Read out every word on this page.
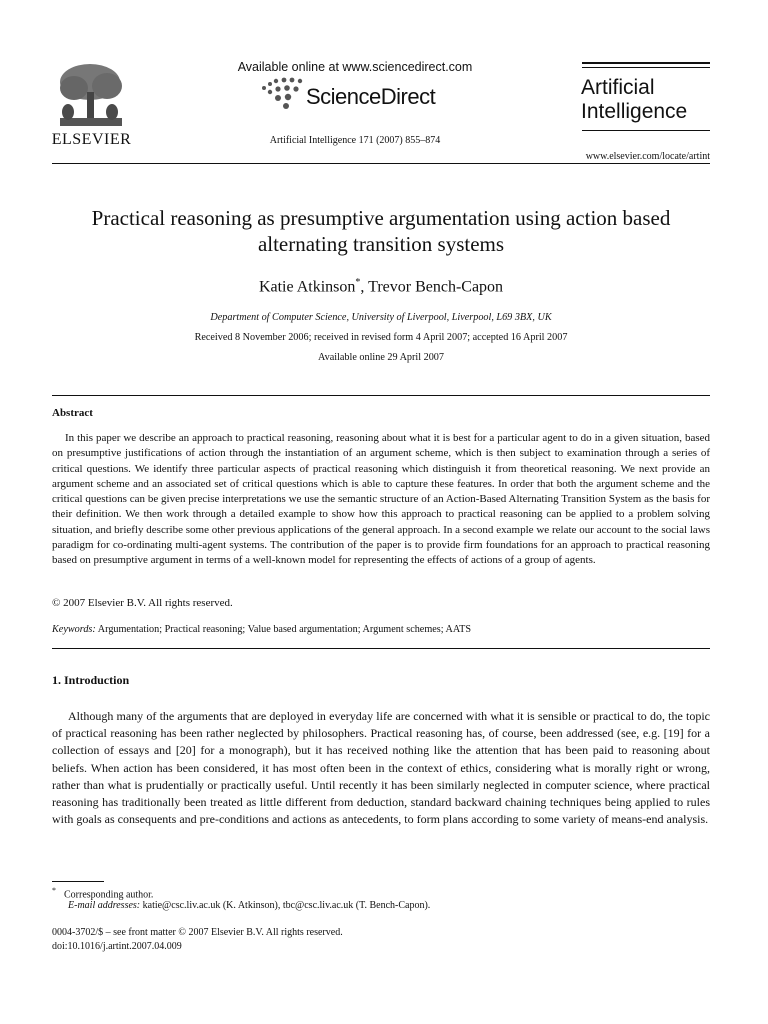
ELSEVIER
Available online at www.sciencedirect.com
ScienceDirect
Artificial Intelligence 171 (2007) 855–874
Artificial
Intelligence
www.elsevier.com/locate/artint
Practical reasoning as presumptive argumentation using action based
alternating transition systems
Katie Atkinson*, Trevor Bench-Capon
Department of Computer Science, University of Liverpool, Liverpool, L69 3BX, UK
Received 8 November 2006; received in revised form 4 April 2007; accepted 16 April 2007
Available online 29 April 2007
Abstract
In this paper we describe an approach to practical reasoning, reasoning about what it is best for a particular agent to do in a given situation, based on presumptive justifications of action through the instantiation of an argument scheme, which is then subject to examination through a series of critical questions. We identify three particular aspects of practical reasoning which distinguish it from theoretical reasoning. We next provide an argument scheme and an associated set of critical questions which is able to capture these features. In order that both the argument scheme and the critical questions can be given precise interpretations we use the semantic structure of an Action-Based Alternating Transition System as the basis for their definition. We then work through a detailed example to show how this approach to practical reasoning can be applied to a problem solving situation, and briefly describe some other previous applications of the general approach. In a second example we relate our account to the social laws paradigm for co-ordinating multi-agent systems. The contribution of the paper is to provide firm foundations for an approach to practical reasoning based on presumptive argument in terms of a well-known model for representing the effects of actions of a group of agents.
© 2007 Elsevier B.V. All rights reserved.
Keywords: Argumentation; Practical reasoning; Value based argumentation; Argument schemes; AATS
1. Introduction
Although many of the arguments that are deployed in everyday life are concerned with what it is sensible or practical to do, the topic of practical reasoning has been rather neglected by philosophers. Practical reasoning has, of course, been addressed (see, e.g. [19] for a collection of essays and [20] for a monograph), but it has received nothing like the attention that has been paid to reasoning about beliefs. When action has been considered, it has most often been in the context of ethics, considering what is morally right or wrong, rather than what is prudentially or practically useful. Until recently it has been similarly neglected in computer science, where practical reasoning has traditionally been treated as little different from deduction, standard backward chaining techniques being applied to rules with goals as consequents and pre-conditions and actions as antecedents, to form plans according to some variety of means-end analysis.
* Corresponding author.
E-mail addresses: katie@csc.liv.ac.uk (K. Atkinson), tbc@csc.liv.ac.uk (T. Bench-Capon).
0004-3702/$ – see front matter © 2007 Elsevier B.V. All rights reserved.
doi:10.1016/j.artint.2007.04.009
